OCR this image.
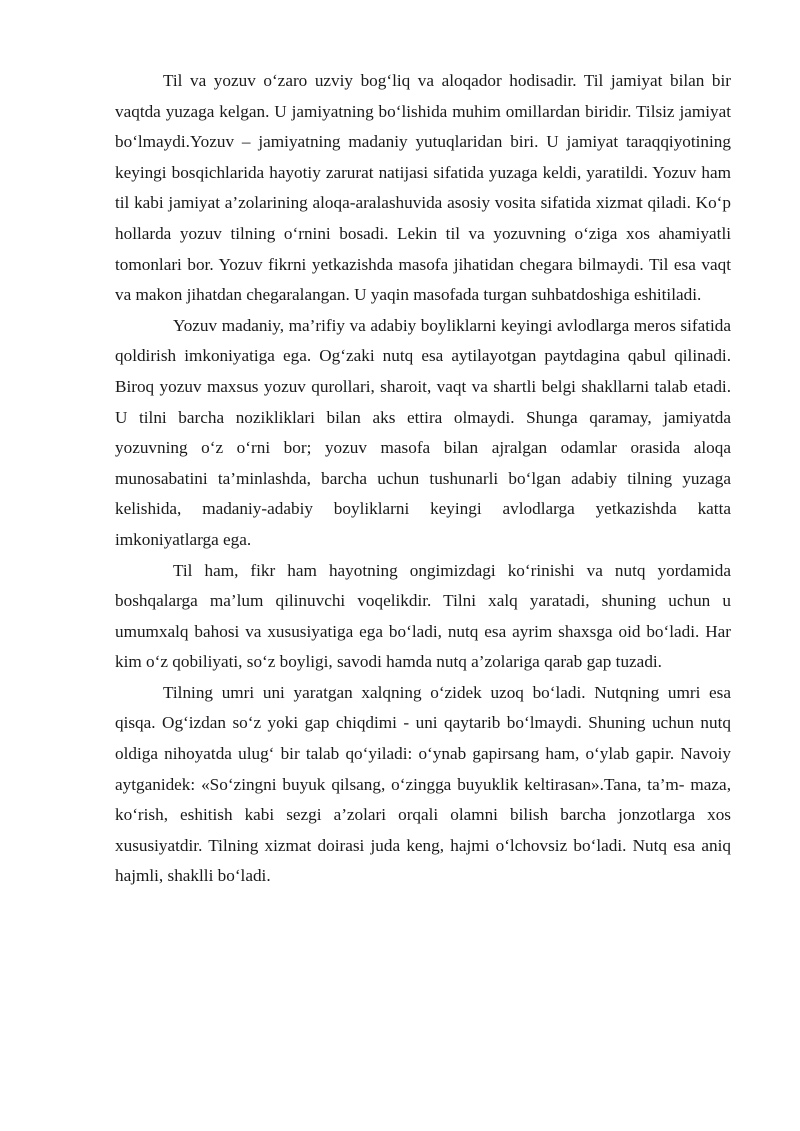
Til va yozuv o‘zaro uzviy bog‘liq va aloqador hodisadir. Til jamiyat bilan bir vaqtda yuzaga kelgan. U jamiyatning bo‘lishida muhim omillardan biridir. Tilsiz jamiyat bo‘lmaydi.Yozuv – jamiyatning madaniy yutuqlaridan biri. U jamiyat taraqqiyotining keyingi bosqichlarida hayotiy zarurat natijasi sifatida yuzaga keldi, yaratildi. Yozuv ham til kabi jamiyat a’zolarining aloqa-aralashuvida asosiy vosita sifatida xizmat qiladi. Ko‘p hollarda yozuv tilning o‘rnini bosadi. Lekin til va yozuvning o‘ziga xos ahamiyatli tomonlari bor. Yozuv fikrni yetkazishda masofa jihatidan chegara bilmaydi. Til esa vaqt va makon jihatdan chegaralangan. U yaqin masofada turgan suhbatdoshiga eshitiladi.

Yozuv madaniy, ma’rifiy va adabiy boyliklarni keyingi avlodlarga meros sifatida qoldirish imkoniyatiga ega. Og‘zaki nutq esa aytilayotgan paytdagina qabul qilinadi. Biroq yozuv maxsus yozuv qurollari, sharoit, vaqt va shartli belgi shakllarni talab etadi. U tilni barcha nozikliklari bilan aks ettira olmaydi. Shunga qaramay, jamiyatda yozuvning o‘z o‘rni bor; yozuv masofa bilan ajralgan odamlar orasida aloqa munosabatini ta’minlashda, barcha uchun tushunarli bo‘lgan adabiy tilning yuzaga kelishida, madaniy-adabiy boyliklarni keyingi avlodlarga yetkazishda katta imkoniyatlarga ega.

Til ham, fikr ham hayotning ongimizdagi ko‘rinishi va nutq yordamida boshqalarga ma’lum qilinuvchi voqelikdir. Tilni xalq yaratadi, shuning uchun u umumxalq bahosi va xususiyatiga ega bo‘ladi, nutq esa ayrim shaxsga oid bo‘ladi. Har kim o‘z qobiliyati, so‘z boyligi, savodi hamda nutq a’zolariga qarab gap tuzadi.

Tilning umri uni yaratgan xalqning o‘zidek uzoq bo‘ladi. Nutqning umri esa qisqa. Og‘izdan so‘z yoki gap chiqdimi - uni qaytarib bo‘lmaydi. Shuning uchun nutq oldiga nihoyatda ulug‘ bir talab qo‘yiladi: o‘ynab gapirsang ham, o‘ylab gapir. Navoiy aytganidek: «So‘zingni buyuk qilsang, o‘zingga buyuklik keltirasan».Tana, ta’m- maza, ko‘rish, eshitish kabi sezgi a’zolari orqali olamni bilish barcha jonzotlarga xos xususiyatdir. Tilning xizmat doirasi juda keng, hajmi o‘lchovsiz bo‘ladi. Nutq esa aniq hajmli, shaklli bo‘ladi.
